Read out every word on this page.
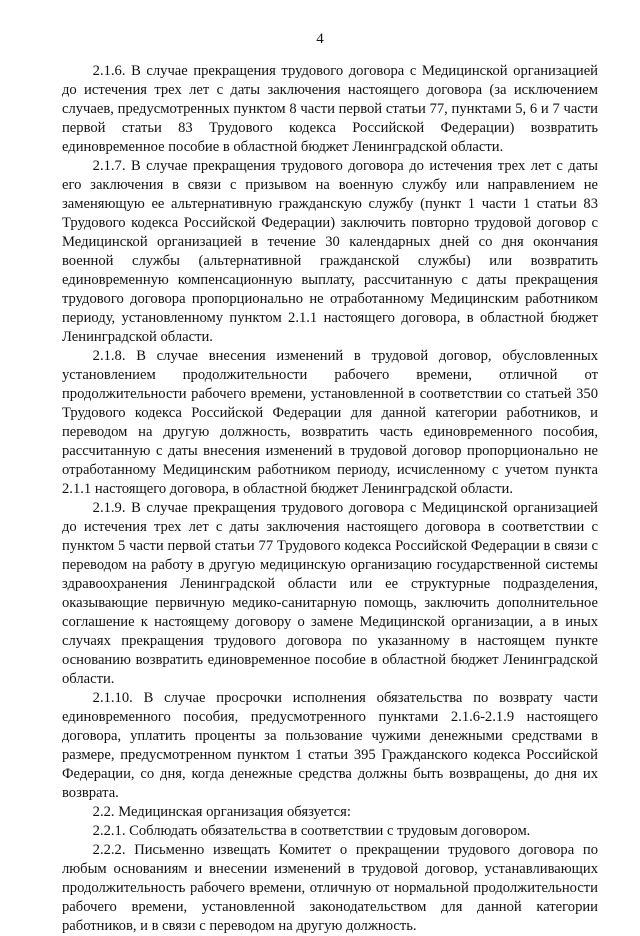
4

2.1.6. В случае прекращения трудового договора с Медицинской организацией до истечения трех лет с даты заключения настоящего договора (за исключением случаев, предусмотренных пунктом 8 части первой статьи 77, пунктами 5, 6 и 7 части первой статьи 83 Трудового кодекса Российской Федерации) возвратить единовременное пособие в областной бюджет Ленинградской области.

2.1.7. В случае прекращения трудового договора до истечения трех лет с даты его заключения в связи с призывом на военную службу или направлением не заменяющую ее альтернативную гражданскую службу (пункт 1 части 1 статьи 83 Трудового кодекса Российской Федерации) заключить повторно трудовой договор с Медицинской организацией в течение 30 календарных дней со дня окончания военной службы (альтернативной гражданской службы) или возвратить единовременную компенсационную выплату, рассчитанную с даты прекращения трудового договора пропорционально не отработанному Медицинским работником периоду, установленному пунктом 2.1.1 настоящего договора, в областной бюджет Ленинградской области.

2.1.8. В случае внесения изменений в трудовой договор, обусловленных установлением продолжительности рабочего времени, отличной от продолжительности рабочего времени, установленной в соответствии со статьей 350 Трудового кодекса Российской Федерации для данной категории работников, и переводом на другую должность, возвратить часть единовременного пособия, рассчитанную с даты внесения изменений в трудовой договор пропорционально не отработанному Медицинским работником периоду, исчисленному с учетом пункта 2.1.1 настоящего договора, в областной бюджет Ленинградской области.

2.1.9. В случае прекращения трудового договора с Медицинской организацией до истечения трех лет с даты заключения настоящего договора в соответствии с пунктом 5 части первой статьи 77 Трудового кодекса Российской Федерации в связи с переводом на работу в другую медицинскую организацию государственной системы здравоохранения Ленинградской области или ее структурные подразделения, оказывающие первичную медико-санитарную помощь, заключить дополнительное соглашение к настоящему договору о замене Медицинской организации, а в иных случаях прекращения трудового договора по указанному в настоящем пункте основанию возвратить единовременное пособие в областной бюджет Ленинградской области.

2.1.10. В случае просрочки исполнения обязательства по возврату части единовременного пособия, предусмотренного пунктами 2.1.6-2.1.9 настоящего договора, уплатить проценты за пользование чужими денежными средствами в размере, предусмотренном пунктом 1 статьи 395 Гражданского кодекса Российской Федерации, со дня, когда денежные средства должны быть возвращены, до дня их возврата.

2.2. Медицинская организация обязуется:

2.2.1. Соблюдать обязательства в соответствии с трудовым договором.

2.2.2. Письменно извещать Комитет о прекращении трудового договора по любым основаниям и внесении изменений в трудовой договор, устанавливающих продолжительность рабочего времени, отличную от нормальной продолжительности рабочего времени, установленной законодательством для данной категории работников, и в связи с переводом на другую должность.
